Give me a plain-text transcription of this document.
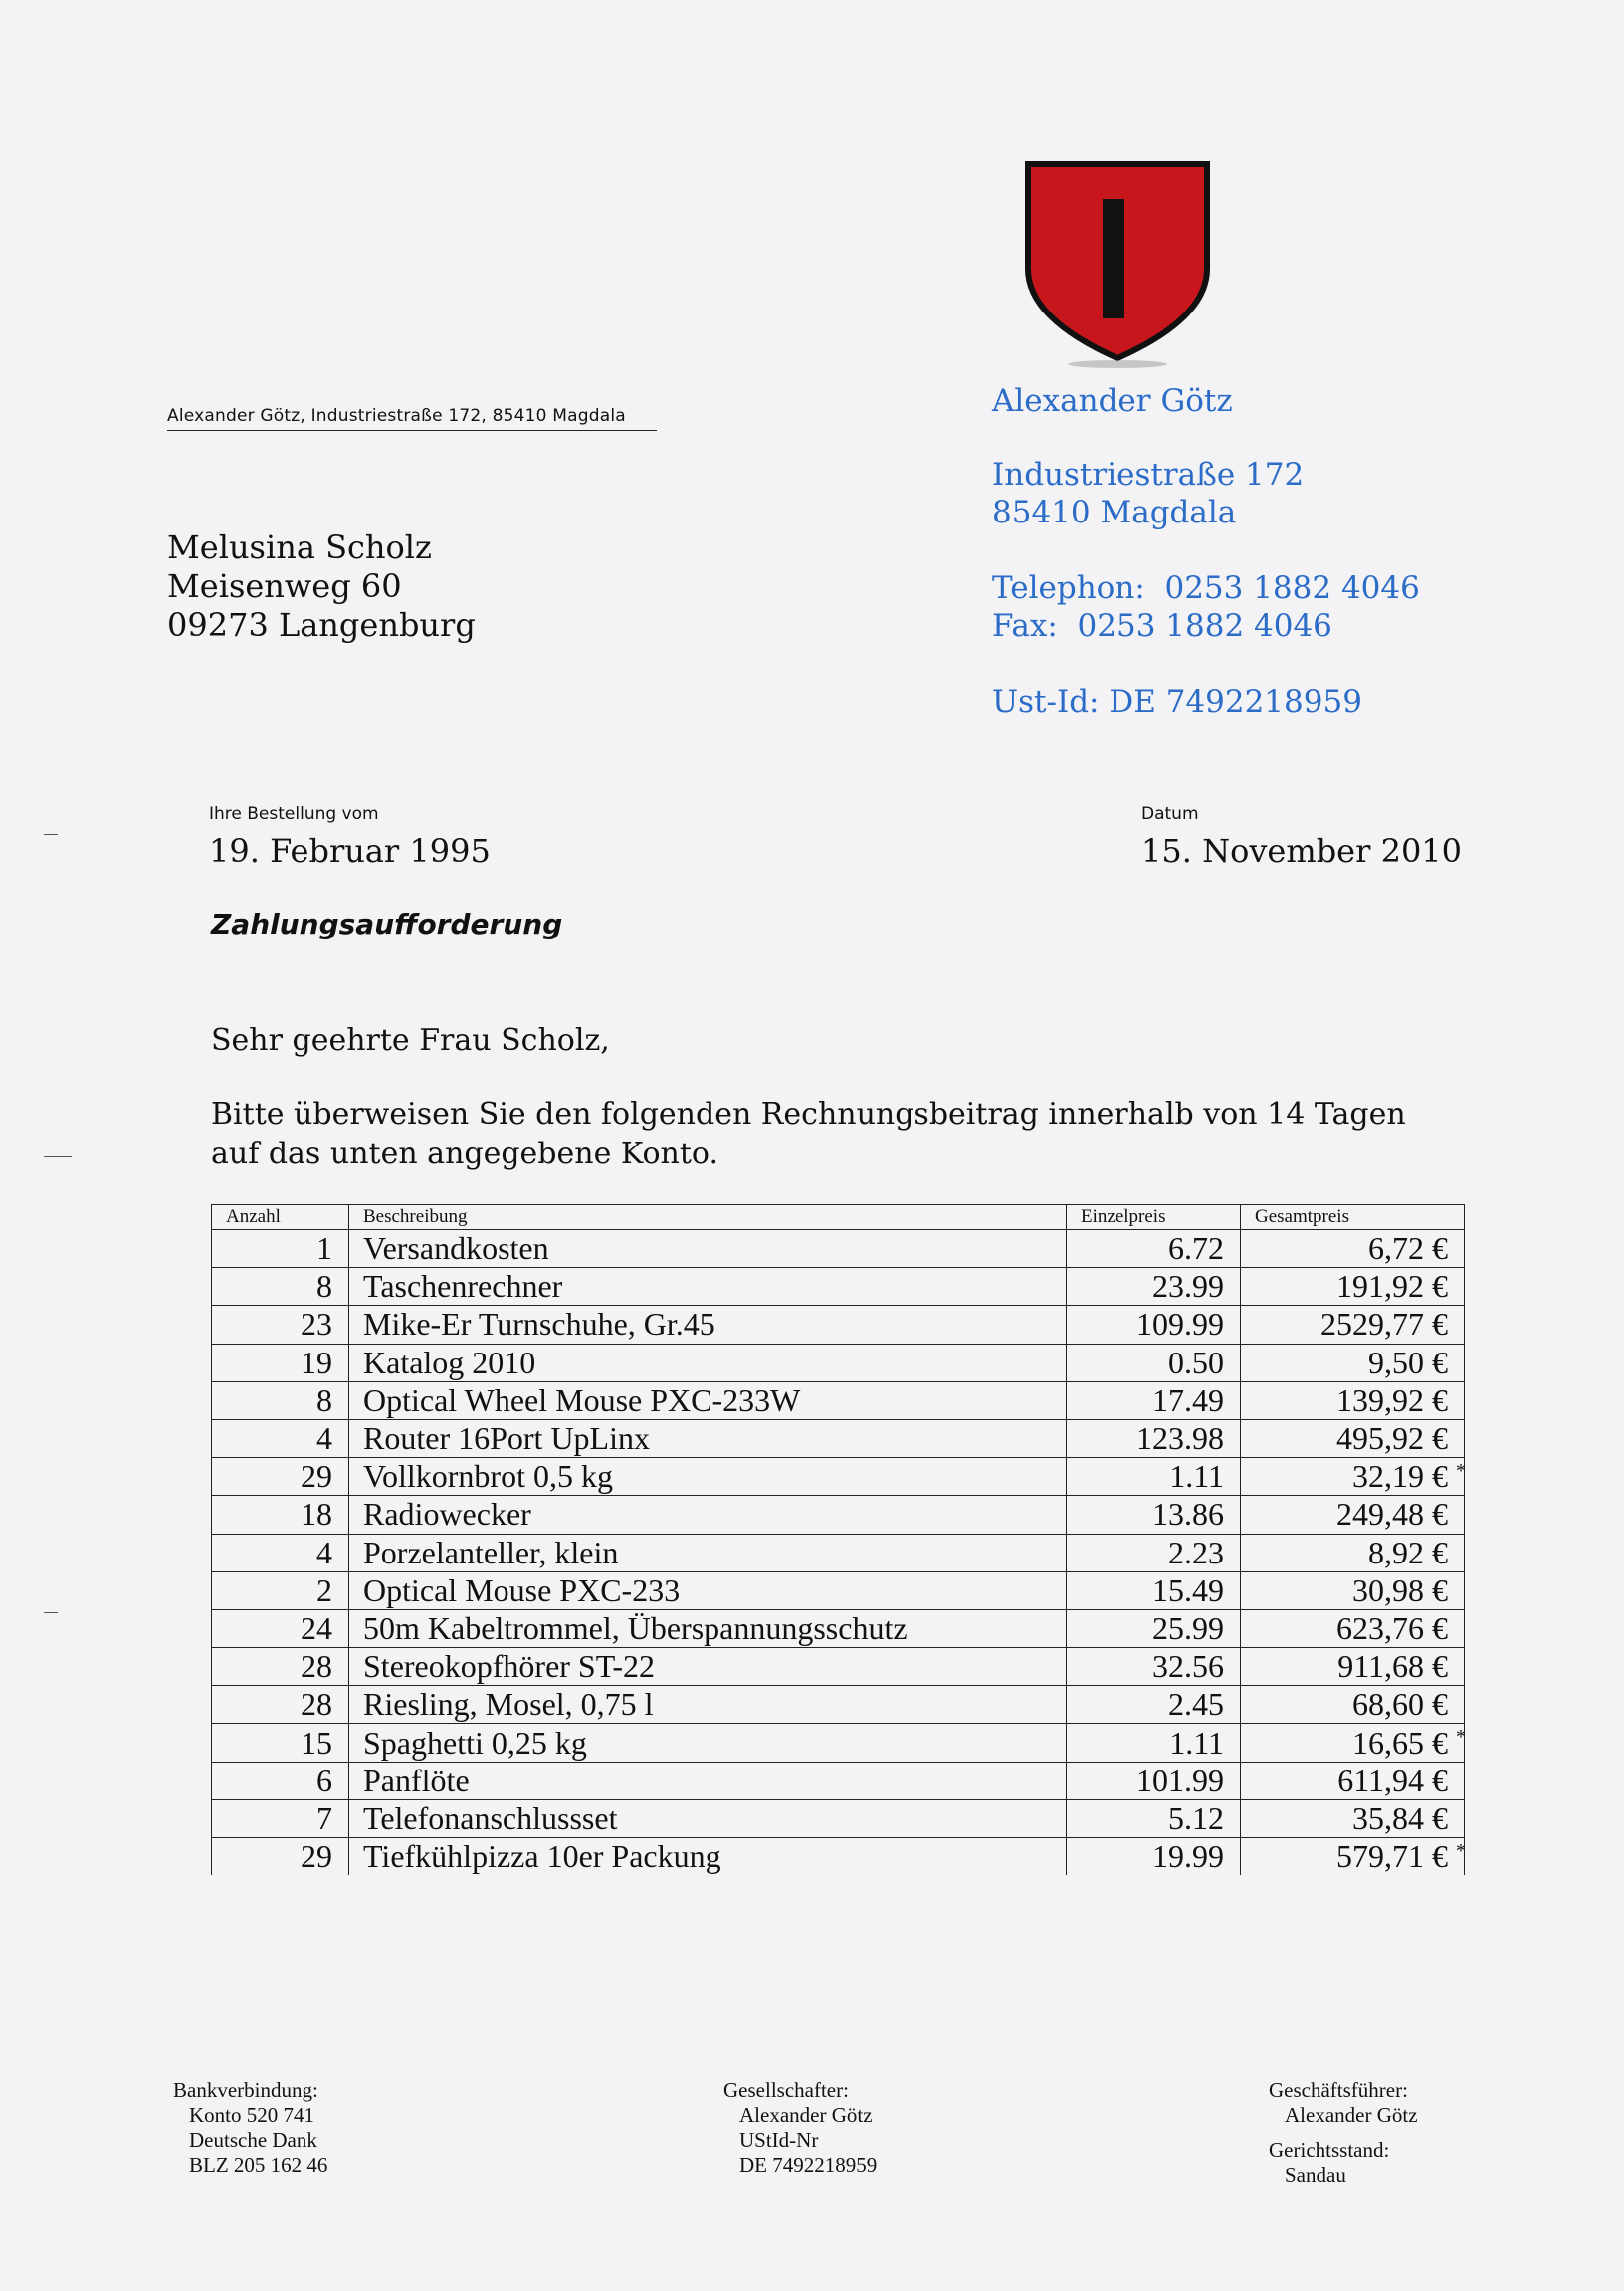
Alexander Götz, Industriestraße 172, 85410 Magdala
Melusina Scholz
Meisenweg 60
09273 Langenburg
Alexander Götz
Industriestraße 172
85410 Magdala
Telephon:  0253 1882 4046
Fax:  0253 1882 4046
Ust-Id: DE 7492218959
Ihre Bestellung vom
19. Februar 1995
Datum
15. November 2010
Zahlungsaufforderung
Sehr geehrte Frau Scholz,
Bitte überweisen Sie den folgenden Rechnungsbeitrag innerhalb von 14 Tagen
auf das unten angegebene Konto.
Anzahl	Beschreibung	Einzelpreis	Gesamtpreis
1	Versandkosten	6.72	6,72 €
8	Taschenrechner	23.99	191,92 €
23	Mike-Er Turnschuhe, Gr.45	109.99	2529,77 €
19	Katalog 2010	0.50	9,50 €
8	Optical Wheel Mouse PXC-233W	17.49	139,92 €
4	Router 16Port UpLinx	123.98	495,92 €
29	Vollkornbrot 0,5 kg	1.11	32,19 € *

18	Radiowecker	13.86	249,48 €
4	Porzelanteller, klein	2.23	8,92 €
2	Optical Mouse PXC-233	15.49	30,98 €
24	50m Kabeltrommel, Überspannungsschutz	25.99	623,76 €
28	Stereokopfhörer ST-22	32.56	911,68 €
28	Riesling, Mosel, 0,75 l	2.45	68,60 €
15	Spaghetti 0,25 kg	1.11	16,65 € *

6	Panflöte	101.99	611,94 €
7	Telefonanschlussset	5.12	35,84 €
29	Tiefkühlpizza 10er Packung	19.99	579,71 € *
Bankverbindung:
Konto 520 741
Deutsche Dank
BLZ 205 162 46
Gesellschafter:
Alexander Götz
UStId-Nr
DE 7492218959
Geschäftsführer:
Alexander Götz
Gerichtsstand:
Sandau
